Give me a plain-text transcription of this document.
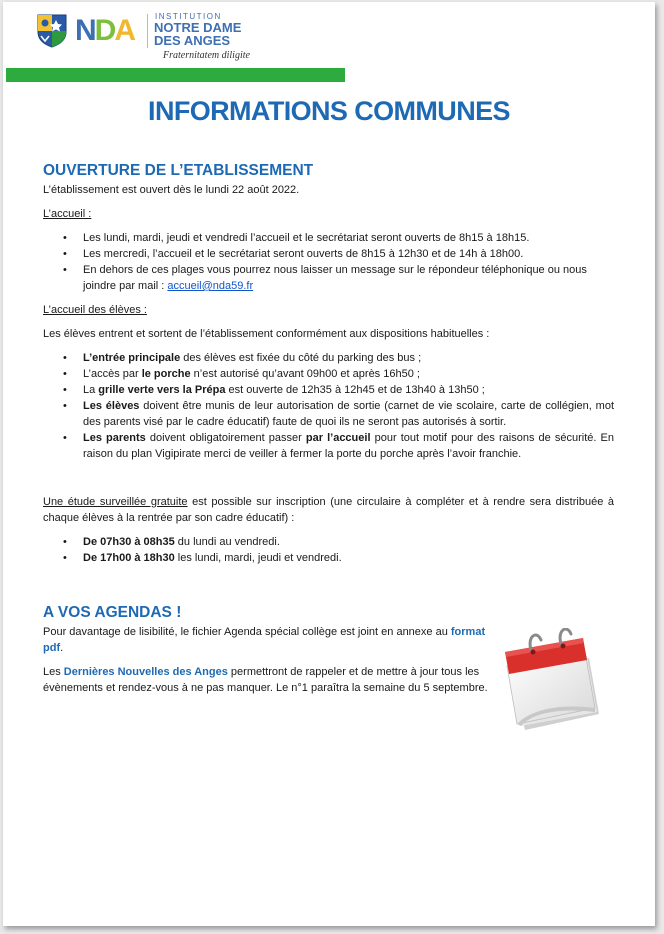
NDA	INSTITUTION
NOTRE DAME
DES ANGES
Fraternitatem diligite
INFORMATIONS COMMUNES
OUVERTURE DE L’ETABLISSEMENT

L’établissement est ouvert dès le lundi 22 août 2022.

L’accueil :

• Les lundi, mardi, jeudi et vendredi l’accueil et le secrétariat seront ouverts de 8h15 à 18h15.
• Les mercredi, l’accueil et le secrétariat seront ouverts de 8h15 à 12h30 et de 14h à 18h00.
• En dehors de ces plages vous pourrez nous laisser un message sur le répondeur téléphonique ou nous joindre par mail : accueil@nda59.fr

L’accueil des élèves :

Les élèves entrent et sortent de l’établissement conformément aux dispositions habituelles :

• L’entrée principale des élèves est fixée du côté du parking des bus ;
• L’accès par le porche n’est autorisé qu’avant 09h00 et après 16h50 ;
• La grille verte vers la Prépa est ouverte de 12h35 à 12h45 et de 13h40 à 13h50 ;
• Les élèves doivent être munis de leur autorisation de sortie (carnet de vie scolaire, carte de collégien, mot des parents visé par le cadre éducatif) faute de quoi ils ne seront pas autorisés à sortir.
• Les parents doivent obligatoirement passer par l’accueil pour tout motif pour des raisons de sécurité. En raison du plan Vigipirate merci de veiller à fermer la porte du porche après l’avoir franchie.

Une étude surveillée gratuite est possible sur inscription (une circulaire à compléter et à rendre sera distribuée à chaque élèves à la rentrée par son cadre éducatif) :

• De 07h30 à 08h35 du lundi au vendredi.
• De 17h00 à 18h30 les lundi, mardi, jeudi et vendredi.
A VOS AGENDAS !

Pour davantage de lisibilité, le fichier Agenda spécial collège est joint en annexe au format pdf.

Les Dernières Nouvelles des Anges permettront de rappeler et de mettre à jour tous les évènements et rendez-vous à ne pas manquer. Le n°1 paraîtra la semaine du 5 septembre.
